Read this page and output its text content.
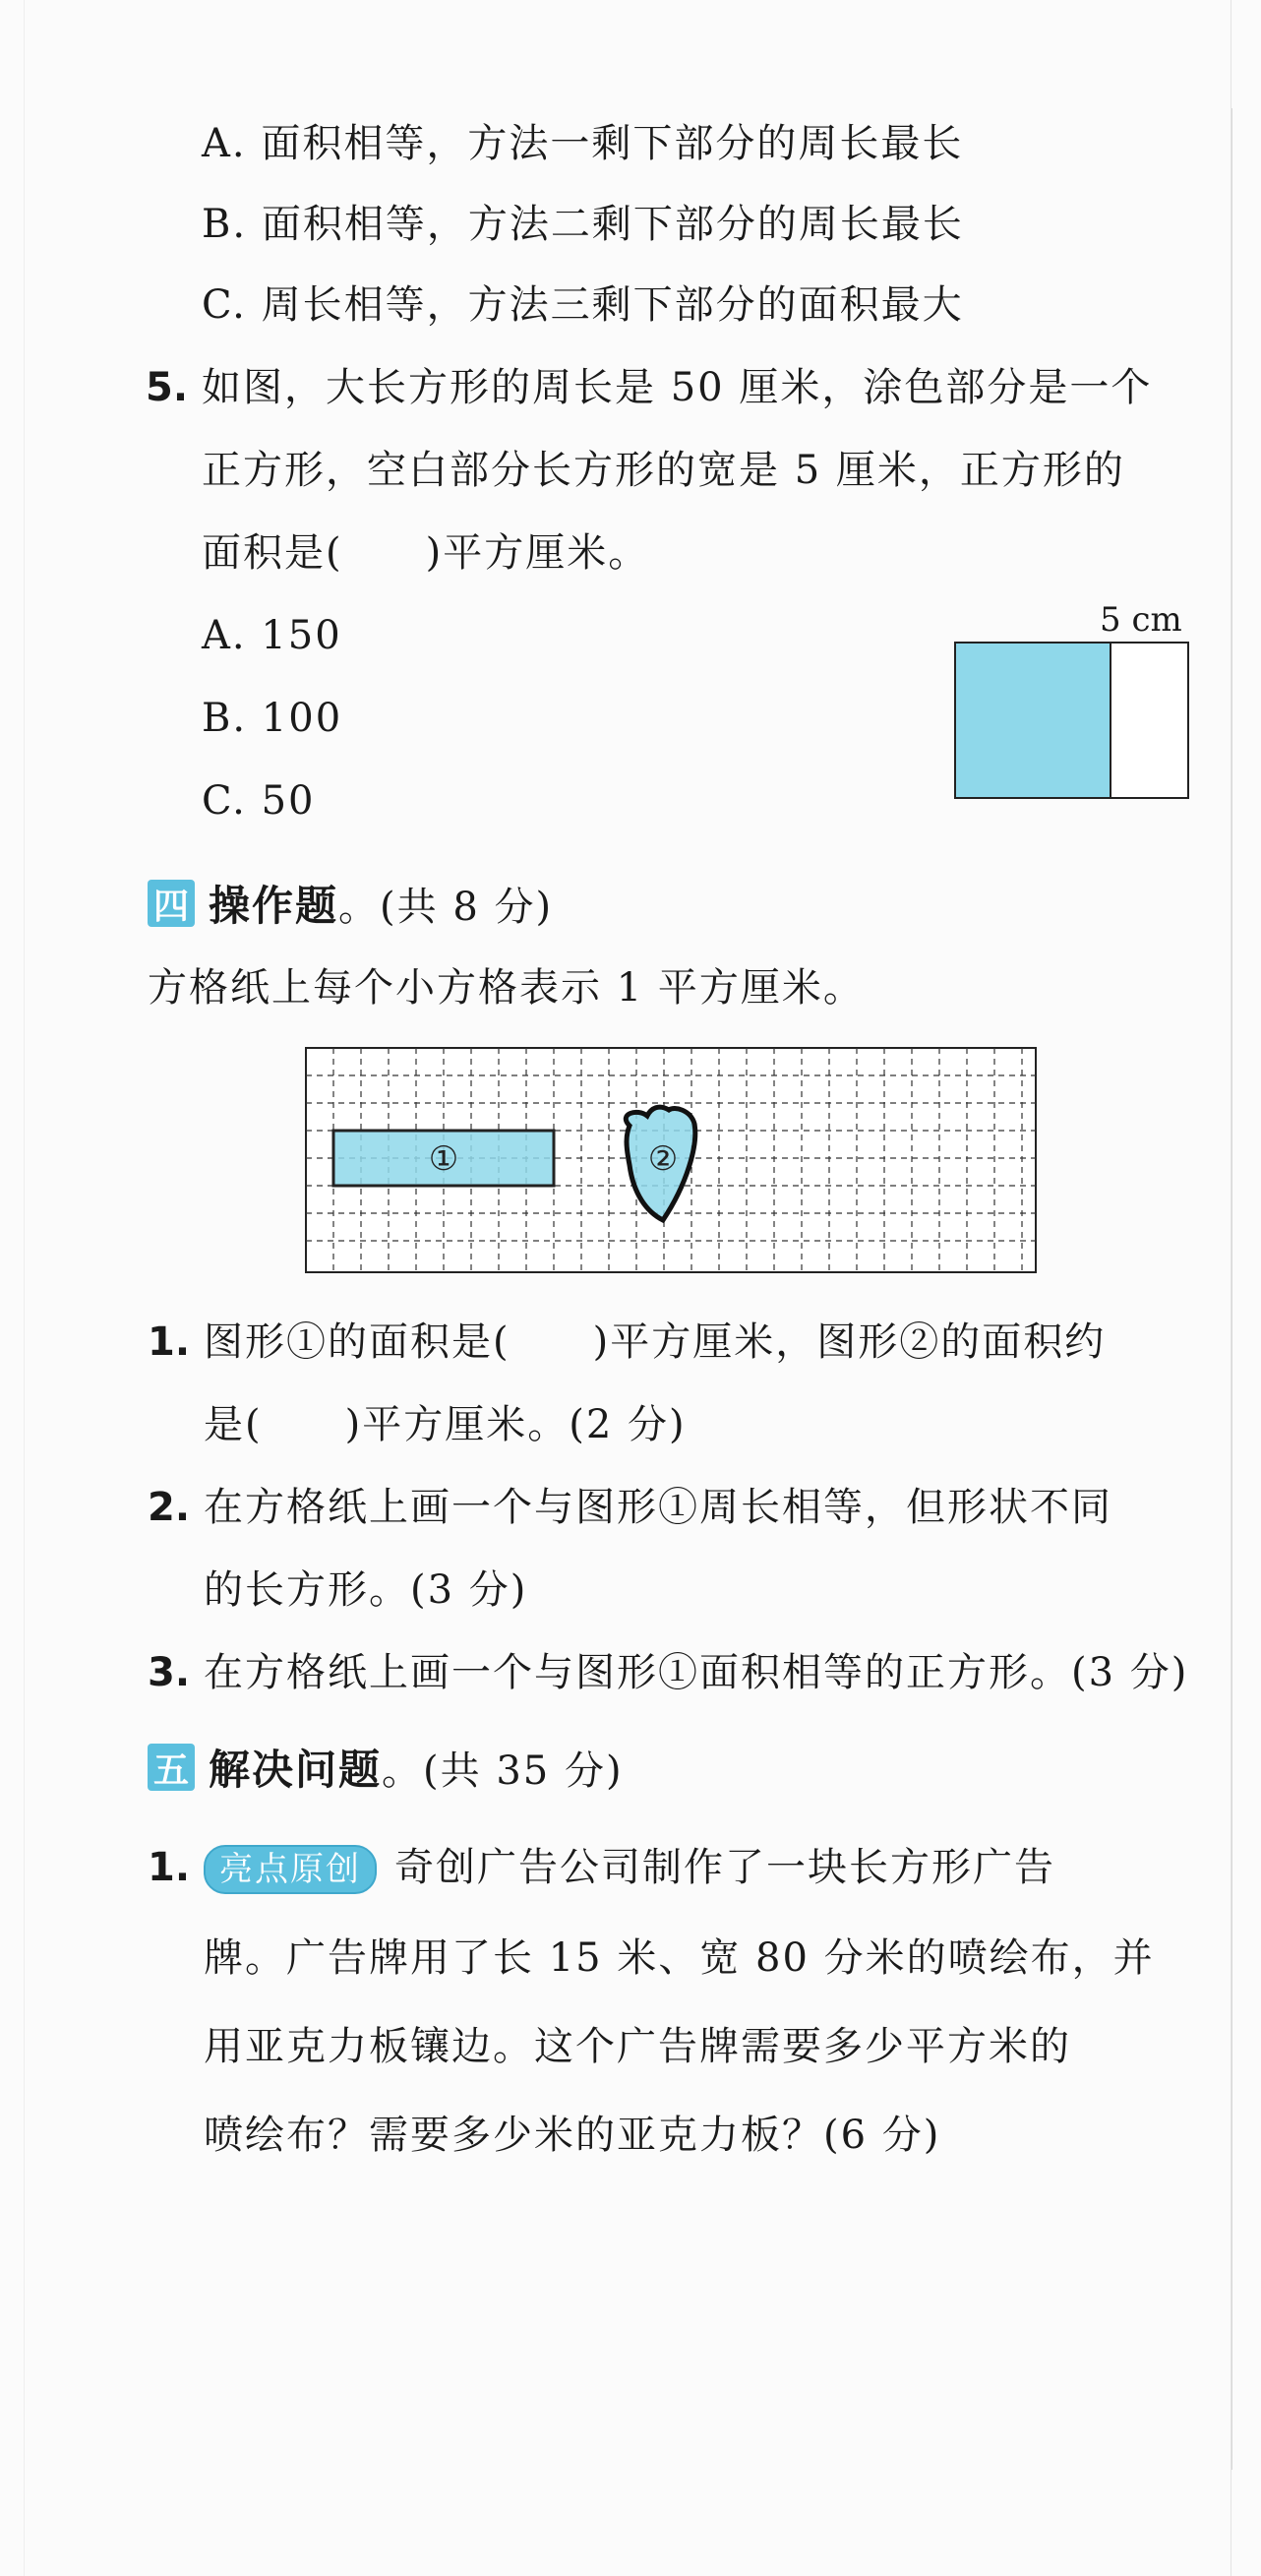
A. 面积相等，方法一剩下部分的周长最长
B. 面积相等，方法二剩下部分的周长最长
C. 周长相等，方法三剩下部分的面积最大
5. 如图，大长方形的周长是 50 厘米，涂色部分是一个
正方形，空白部分长方形的宽是 5 厘米，正方形的
面积是(　　)平方厘米。
A. 150
B. 100
C. 50
5 cm
四 操作题 。(共 8 分)
方格纸上每个小方格表示 1 平方厘米。
①	②
1. 图形①的面积是(　　)平方厘米，图形②的面积约
是(　　)平方厘米。(2 分)
2. 在方格纸上画一个与图形①周长相等，但形状不同
的长方形。(3 分)
3. 在方格纸上画一个与图形①面积相等的正方形。(3 分)
五 解决问题 。(共 35 分)
1. 亮点原创 奇创广告公司制作了一块长方形广告
牌。广告牌用了长 15 米、宽 80 分米的喷绘布，并
用亚克力板镶边。这个广告牌需要多少平方米的
喷绘布？需要多少米的亚克力板？(6 分)
